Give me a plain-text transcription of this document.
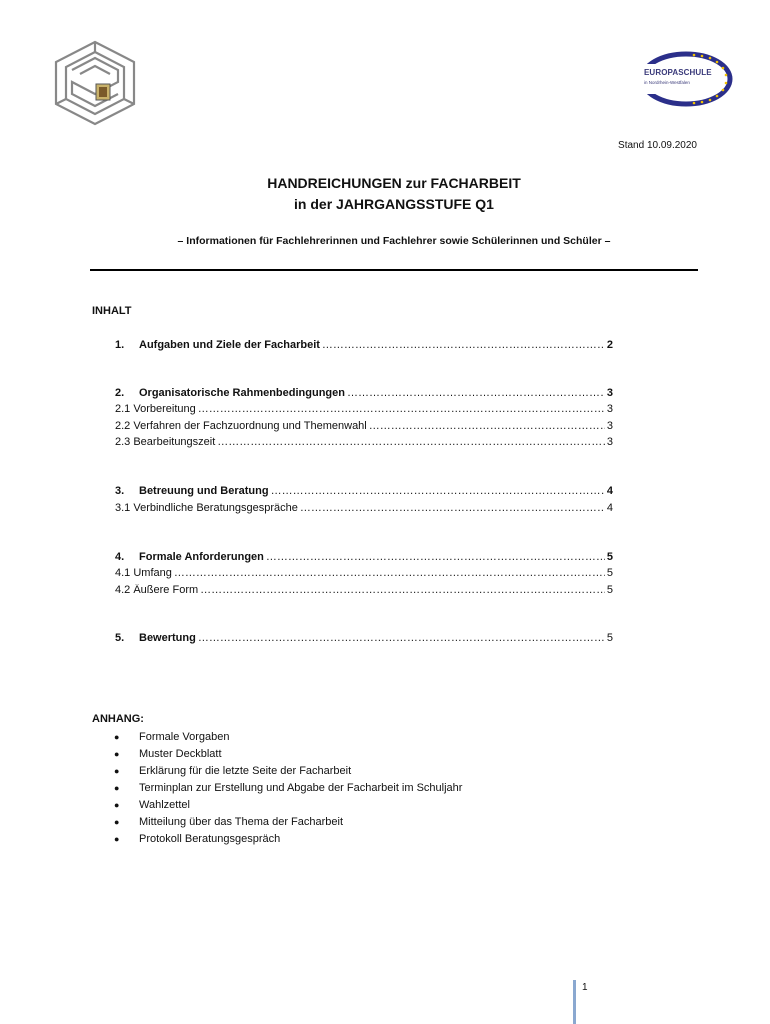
EUROPASCHULE
in Nordrhein-Westfalen
Stand 10.09.2020
HANDREICHUNGEN zur FACHARBEIT
in der JAHRGANGSSTUFE Q1
– Informationen für Fachlehrerinnen und Fachlehrer sowie Schülerinnen und Schüler –
INHALT
1.	Aufgaben und Ziele der Facharbeit …………………………………………………………………………………………………………………………………………………………………………………………	2
2.	Organisatorische Rahmenbedingungen …………………………………………………………………………………………………………………………………………………………………………………………	3
2.1 Vorbereitung …………………………………………………………………………………………………………………………………………………………………………………………	3
2.2 Verfahren der Fachzuordnung und Themenwahl …………………………………………………………………………………………………………………………………………………………………………………………	3
2.3 Bearbeitungszeit …………………………………………………………………………………………………………………………………………………………………………………………	3
3.	Betreuung und Beratung …………………………………………………………………………………………………………………………………………………………………………………………	4
3.1 Verbindliche Beratungsgespräche …………………………………………………………………………………………………………………………………………………………………………………………	4
4.	Formale Anforderungen …………………………………………………………………………………………………………………………………………………………………………………………	5
4.1 Umfang …………………………………………………………………………………………………………………………………………………………………………………………	5
4.2 Äußere Form …………………………………………………………………………………………………………………………………………………………………………………………	5
5.	Bewertung …………………………………………………………………………………………………………………………………………………………………………………………	5
ANHANG:
●	Formale Vorgaben
●	Muster Deckblatt
●	Erklärung für die letzte Seite der Facharbeit
●	Terminplan zur Erstellung und Abgabe der Facharbeit im Schuljahr
●	Wahlzettel
●	Mitteilung über das Thema der Facharbeit
●	Protokoll Beratungsgespräch
1
